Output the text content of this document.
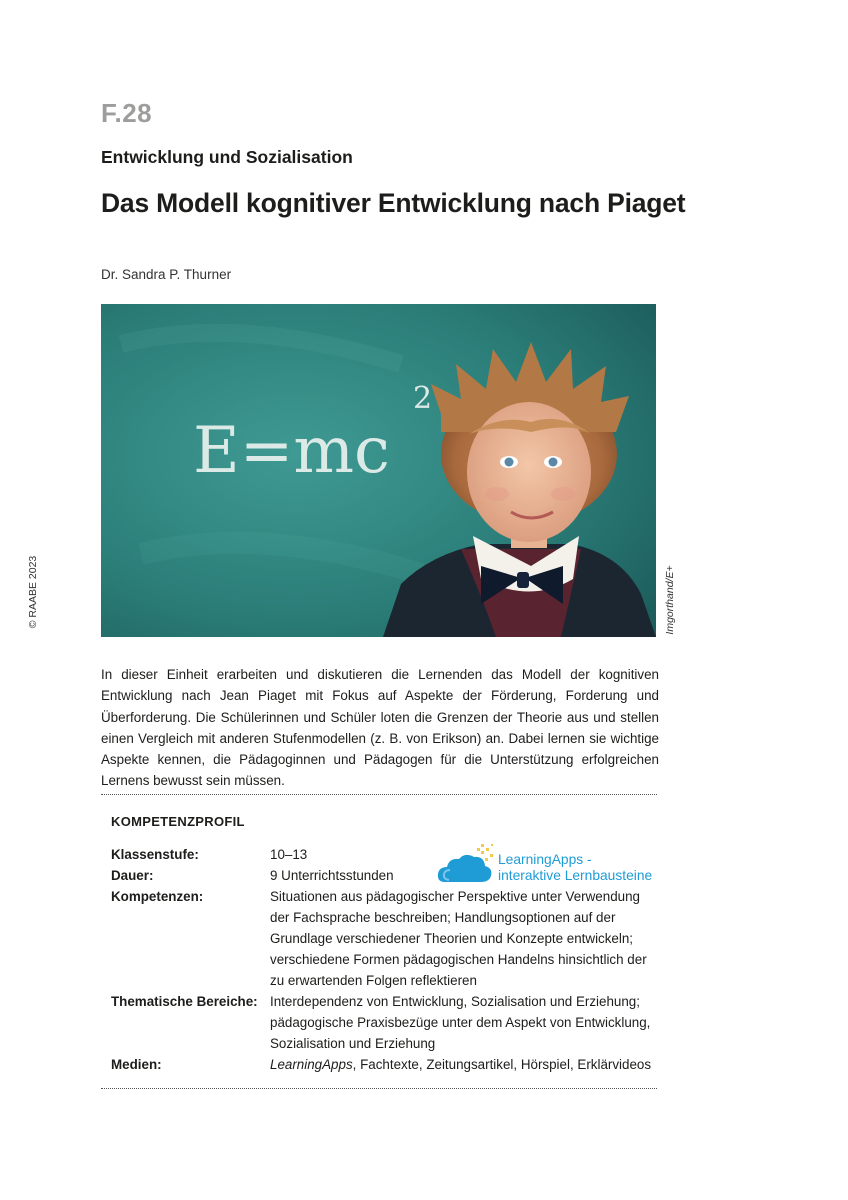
F.28
Entwicklung und Sozialisation
Das Modell kognitiver Entwicklung nach Piaget
Dr. Sandra P. Thurner
© RAABE 2023	Imgorthand/E+
E=mc
2
In dieser Einheit erarbeiten und diskutieren die Lernenden das Modell der kognitiven Entwicklung nach Jean Piaget mit Fokus auf Aspekte der Förderung, Forderung und Überforderung. Die Schülerinnen und Schüler loten die Grenzen der Theorie aus und stellen einen Vergleich mit anderen Stufenmodellen (z. B. von Erikson) an. Dabei lernen sie wichtige Aspekte kennen, die Pädagoginnen und Pädagogen für die Unterstützung erfolgreichen Lernens bewusst sein müssen.
KOMPETENZPROFIL
Klassenstufe:	10–13
Dauer:	9 Unterrichtsstunden
Kompetenzen:	Situationen aus pädagogischer Perspektive unter Verwendung der Fachsprache beschreiben; Handlungsoptionen auf der Grundlage verschiedener Theorien und Konzepte entwickeln; verschiedene Formen pädagogischen Handelns hinsichtlich der zu erwartenden Folgen reflektieren
Thematische Bereiche: Interdependenz von Entwicklung, Sozialisation und Erziehung; pädagogische Praxisbezüge unter dem Aspekt von Entwicklung, Sozialisation und Erziehung
Medien:	LearningApps, Fachtexte, Zeitungsartikel, Hörspiel, Erklärvideos
LearningApps -
interaktive Lernbausteine
